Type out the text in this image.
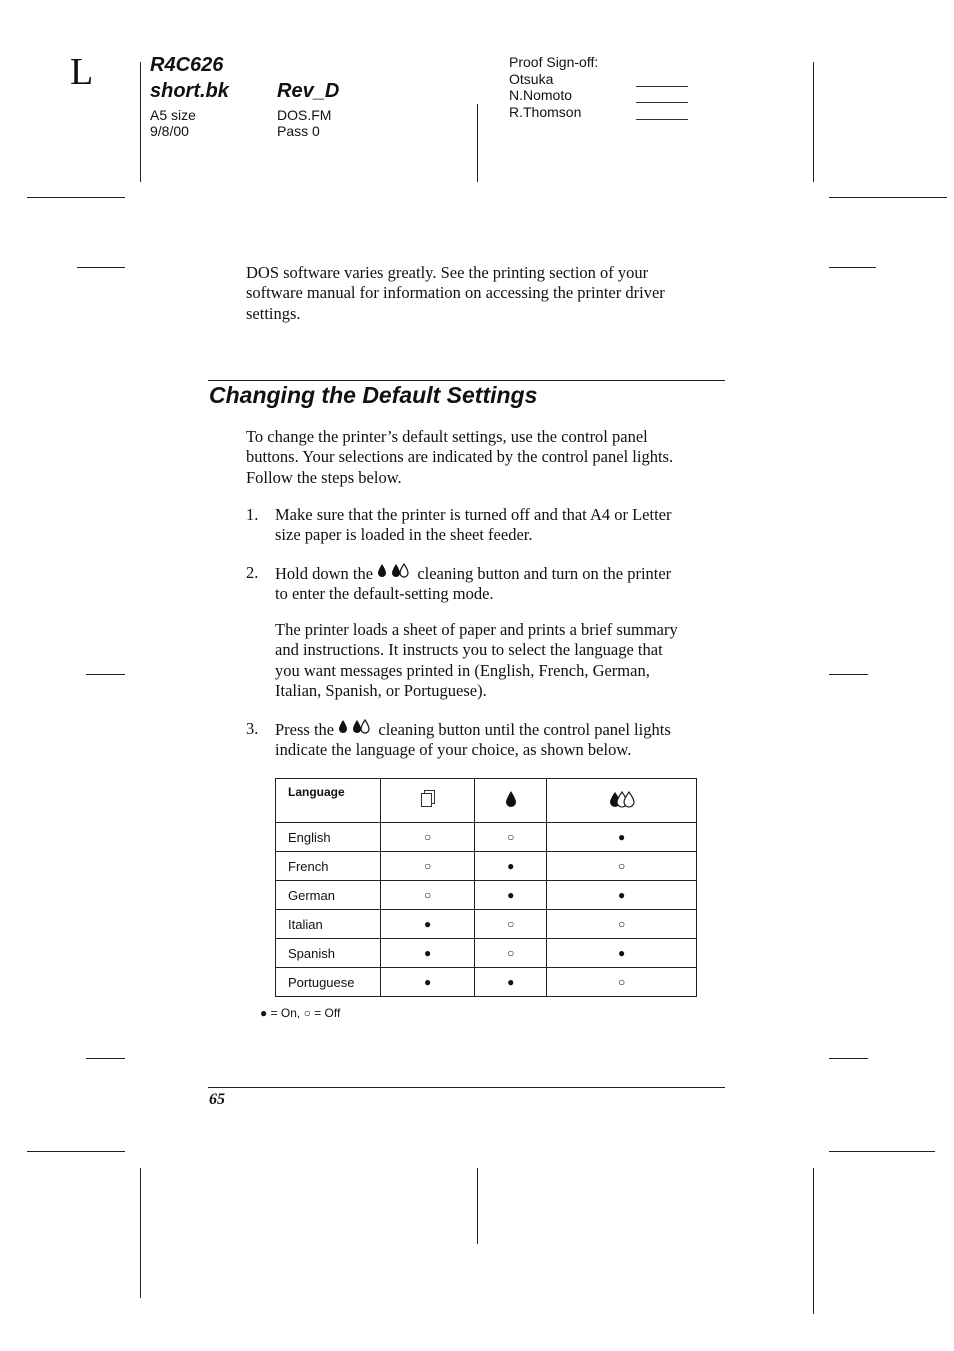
L	R4C626
short.bk Rev_D
A5 size
9/8/00
DOS.FM
Pass 0
Proof Sign-off:
Otsuka
N.Nomoto
R.Thomson
DOS software varies greatly. See the printing section of your
software manual for information on accessing the printer driver
settings.
Changing the Default Settings
To change the printer’s default settings, use the control panel
buttons. Your selections are indicated by the control panel lights.
Follow the steps below.
1. Make sure that the printer is turned off and that A4 or Letter
size paper is loaded in the sheet feeder.
2. Hold down the  cleaning button and turn on the printer
to enter the default-setting mode.
The printer loads a sheet of paper and prints a brief summary
and instructions. It instructs you to select the language that
you want messages printed in (English, French, German,
Italian, Spanish, or Portuguese).
3. Press the  cleaning button until the control panel lights
indicate the language of your choice, as shown below.
Language			
English	○	○	●
French	○	●	○
German	○	●	●
Italian	●	○	○
Spanish	●	○	●
Portuguese	●	●	○
● = On, ○ = Off
65
